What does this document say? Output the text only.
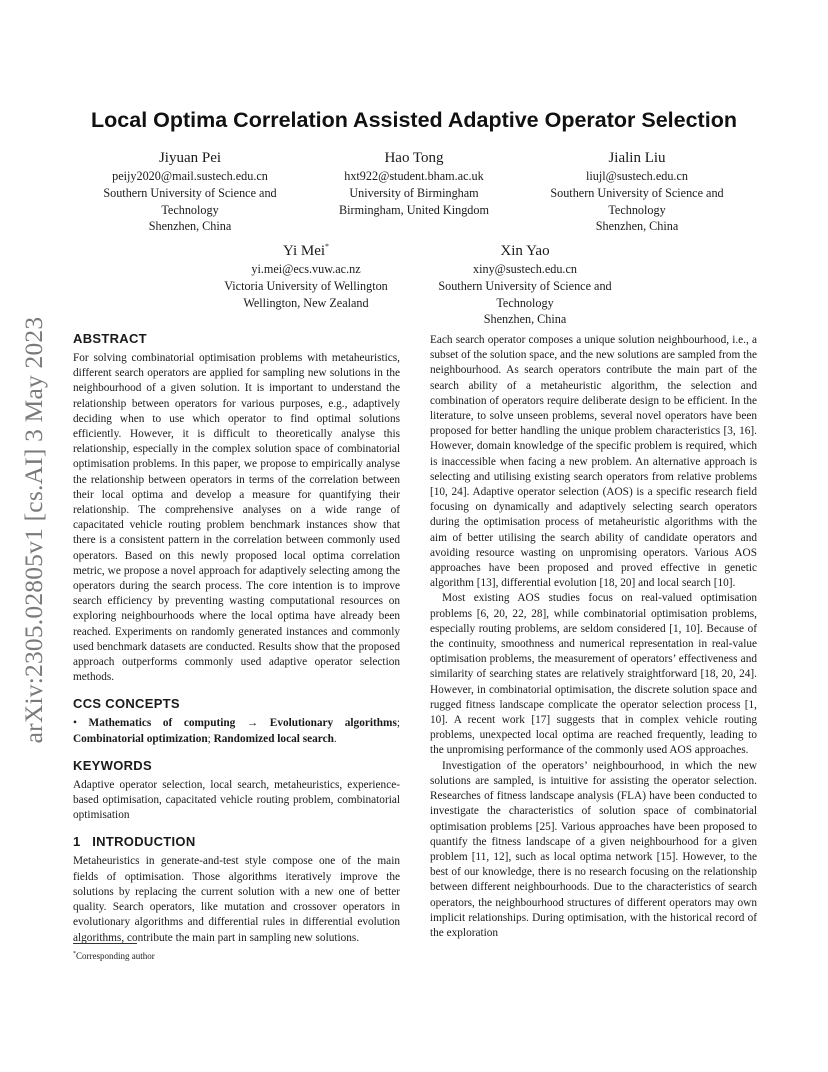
arXiv:2305.02805v1 [cs.AI] 3 May 2023
Local Optima Correlation Assisted Adaptive Operator Selection
Jiyuan Pei
peijy2020@mail.sustech.edu.cn
Southern University of Science and Technology
Shenzhen, China
Hao Tong
hxt922@student.bham.ac.uk
University of Birmingham
Birmingham, United Kingdom
Jialin Liu
liujl@sustech.edu.cn
Southern University of Science and Technology
Shenzhen, China
Yi Mei*
yi.mei@ecs.vuw.ac.nz
Victoria University of Wellington
Wellington, New Zealand
Xin Yao
xiny@sustech.edu.cn
Southern University of Science and Technology
Shenzhen, China
ABSTRACT

For solving combinatorial optimisation problems with metaheuristics, different search operators are applied for sampling new solutions in the neighbourhood of a given solution. It is important to understand the relationship between operators for various purposes, e.g., adaptively deciding when to use which operator to find optimal solutions efficiently. However, it is difficult to theoretically analyse this relationship, especially in the complex solution space of combinatorial optimisation problems. In this paper, we propose to empirically analyse the relationship between operators in terms of the correlation between their local optima and develop a measure for quantifying their relationship. The comprehensive analyses on a wide range of capacitated vehicle routing problem benchmark instances show that there is a consistent pattern in the correlation between commonly used operators. Based on this newly proposed local optima correlation metric, we propose a novel approach for adaptively selecting among the operators during the search process. The core intention is to improve search efficiency by preventing wasting computational resources on exploring neighbourhoods where the local optima have already been reached. Experiments on randomly generated instances and commonly used benchmark datasets are conducted. Results show that the proposed approach outperforms commonly used adaptive operator selection methods.

CCS CONCEPTS

• Mathematics of computing → Evolutionary algorithms; Combinatorial optimization; Randomized local search.

KEYWORDS

Adaptive operator selection, local search, metaheuristics, experience-based optimisation, capacitated vehicle routing problem, combinatorial optimisation

1   INTRODUCTION

Metaheuristics in generate-and-test style compose one of the main fields of optimisation. Those algorithms iteratively improve the solutions by replacing the current solution with a new one of better quality. Search operators, like mutation and crossover operators in evolutionary algorithms and differential rules in differential evolution algorithms, contribute the main part in sampling new solutions.

Each search operator composes a unique solution neighbourhood, i.e., a subset of the solution space, and the new solutions are sampled from the neighbourhood. As search operators contribute the main part of the search ability of a metaheuristic algorithm, the selection and combination of operators require deliberate design to be efficient. In the literature, to solve unseen problems, several novel operators have been proposed for better handling the unique problem characteristics [3, 16]. However, domain knowledge of the specific problem is required, which is inaccessible when facing a new problem. An alternative approach is selecting and utilising existing search operators from relative problems [10, 24]. Adaptive operator selection (AOS) is a specific research field focusing on dynamically and adaptively selecting search operators during the optimisation process of metaheuristic algorithms with the aim of better utilising the search ability of candidate operators and avoiding resource wasting on unpromising operators. Various AOS approaches have been proposed and proved effective in genetic algorithm [13], differential evolution [18, 20] and local search [10].

Most existing AOS studies focus on real-valued optimisation problems [6, 20, 22, 28], while combinatorial optimisation problems, especially routing problems, are seldom considered [1, 10]. Because of the continuity, smoothness and numerical representation in real-value optimisation problems, the measurement of operators’ effectiveness and similarity of searching states are relatively straightforward [18, 20, 24]. However, in combinatorial optimisation, the discrete solution space and rugged fitness landscape complicate the operator selection process [1, 10]. A recent work [17] suggests that in complex vehicle routing problems, unexpected local optima are reached frequently, leading to the unpromising performance of the commonly used AOS approaches.

Investigation of the operators’ neighbourhood, in which the new solutions are sampled, is intuitive for assisting the operator selection. Researches of fitness landscape analysis (FLA) have been conducted to investigate the characteristics of solution space of combinatorial optimisation problems [25]. Various approaches have been proposed to quantify the fitness landscape of a given neighbourhood for a given problem [11, 12], such as local optima network [15]. However, to the best of our knowledge, there is no research focusing on the relationship between different neighbourhoods. Due to the characteristics of search operators, the neighbourhood structures of different operators may own implicit relationships. During optimisation, with the historical record of the exploration

*Corresponding author
